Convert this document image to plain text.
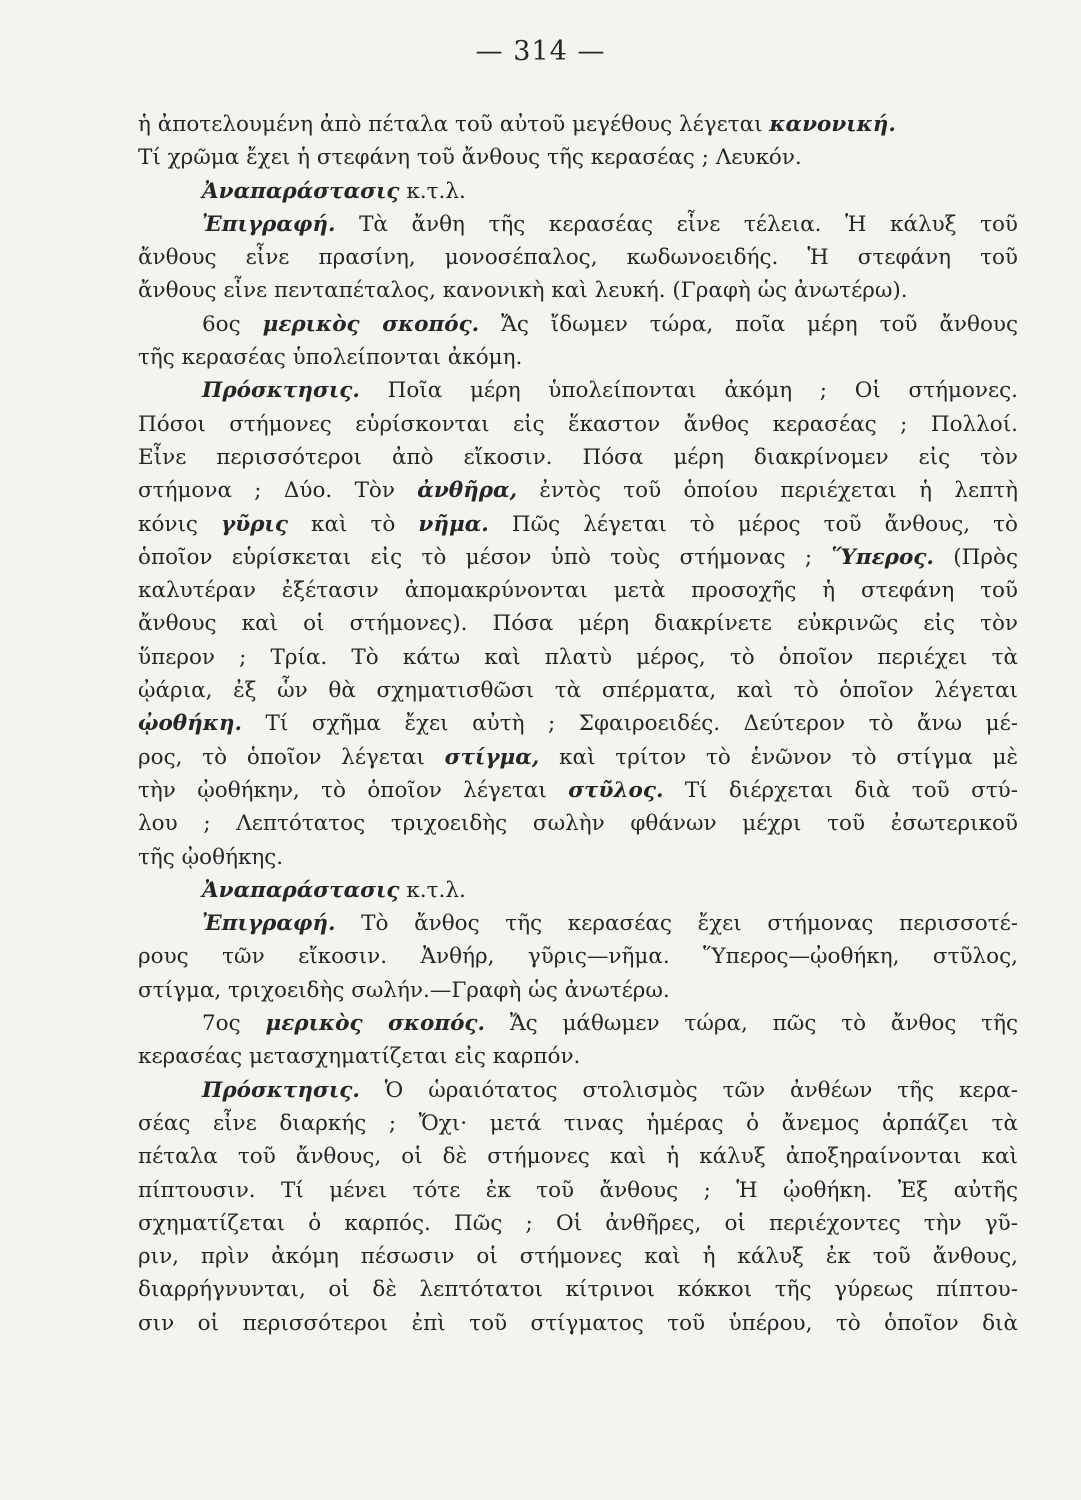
— 314 —
ἡ ἀποτελουμένη ἀπὸ πέταλα τοῦ αὐτοῦ μεγέθους λέγεται κανονική.
Τί χρῶμα ἔχει ἡ στεφάνη τοῦ ἄνθους τῆς κερασέας ; Λευκόν.
Ἀναπαράστασις κ.τ.λ.
Ἐπιγραφή. Τὰ ἄνθη τῆς κερασέας εἶνε τέλεια. Ἡ κάλυξ τοῦ
ἄνθους εἶνε πρασίνη, μονοσέπαλος, κωδωνοειδής. Ἡ στεφάνη τοῦ
ἄνθους εἶνε πενταπέταλος, κανονικὴ καὶ λευκή. (Γραφὴ ὡς ἀνωτέρω).
6ος μερικὸς σκοπός. Ἄς ἴδωμεν τώρα, ποῖα μέρη τοῦ ἄνθους
τῆς κερασέας ὑπολείπονται ἀκόμη.
Πρόσκτησις. Ποῖα μέρη ὑπολείπονται ἀκόμη ; Οἱ στήμονες.
Πόσοι στήμονες εὑρίσκονται εἰς ἕκαστον ἄνθος κερασέας ; Πολλοί.
Εἶνε περισσότεροι ἀπὸ εἴκοσιν. Πόσα μέρη διακρίνομεν εἰς τὸν
στήμονα ; Δύο. Τὸν ἀνθῆρα, ἐντὸς τοῦ ὁποίου περιέχεται ἡ λεπτὴ
κόνις γῦρις καὶ τὸ νῆμα. Πῶς λέγεται τὸ μέρος τοῦ ἄνθους, τὸ
ὁποῖον εὑρίσκεται εἰς τὸ μέσον ὑπὸ τοὺς στήμονας ; Ὕπερος. (Πρὸς
καλυτέραν ἐξέτασιν ἀπομακρύνονται μετὰ προσοχῆς ἡ στεφάνη τοῦ
ἄνθους καὶ οἱ στήμονες). Πόσα μέρη διακρίνετε εὐκρινῶς εἰς τὸν
ὕπερον ; Τρία. Τὸ κάτω καὶ πλατὺ μέρος, τὸ ὁποῖον περιέχει τὰ
ᾠάρια, ἐξ ὧν θὰ σχηματισθῶσι τὰ σπέρματα, καὶ τὸ ὁποῖον λέγεται
ᾠοθήκη. Τί σχῆμα ἔχει αὐτὴ ; Σφαιροειδές. Δεύτερον τὸ ἄνω μέ-
ρος, τὸ ὁποῖον λέγεται στίγμα, καὶ τρίτον τὸ ἑνῶνον τὸ στίγμα μὲ
τὴν ᾠοθήκην, τὸ ὁποῖον λέγεται στῦλος. Τί διέρχεται διὰ τοῦ στύ-
λου ; Λεπτότατος τριχοειδὴς σωλὴν φθάνων μέχρι τοῦ ἐσωτερικοῦ
τῆς ᾠοθήκης.
Ἀναπαράστασις κ.τ.λ.
Ἐπιγραφή. Τὸ ἄνθος τῆς κερασέας ἔχει στήμονας περισσοτέ-
ρους τῶν εἴκοσιν. Ἀνθήρ, γῦρις—νῆμα. Ὕπερος—ᾠοθήκη, στῦλος,
στίγμα, τριχοειδὴς σωλήν.—Γραφὴ ὡς ἀνωτέρω.
7ος μερικὸς σκοπός. Ἄς μάθωμεν τώρα, πῶς τὸ ἄνθος τῆς
κερασέας μετασχηματίζεται εἰς καρπόν.
Πρόσκτησις. Ὁ ὡραιότατος στολισμὸς τῶν ἀνθέων τῆς κερα-
σέας εἶνε διαρκής ; Ὄχι· μετά τινας ἡμέρας ὁ ἄνεμος ἁρπάζει τὰ
πέταλα τοῦ ἄνθους, οἱ δὲ στήμονες καὶ ἡ κάλυξ ἀποξηραίνονται καὶ
πίπτουσιν. Τί μένει τότε ἐκ τοῦ ἄνθους ; Ἡ ᾠοθήκη. Ἐξ αὐτῆς
σχηματίζεται ὁ καρπός. Πῶς ; Οἱ ἀνθῆρες, οἱ περιέχοντες τὴν γῦ-
ριν, πρὶν ἀκόμη πέσωσιν οἱ στήμονες καὶ ἡ κάλυξ ἐκ τοῦ ἄνθους,
διαρρήγνυνται, οἱ δὲ λεπτότατοι κίτρινοι κόκκοι τῆς γύρεως πίπτου-
σιν οἱ περισσότεροι ἐπὶ τοῦ στίγματος τοῦ ὑπέρου, τὸ ὁποῖον διὰ
